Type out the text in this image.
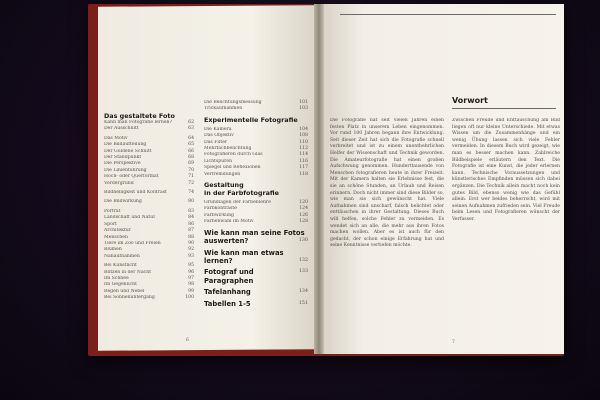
Das gestaltete Foto
Kann man Fotografie lernen?	62
Der Ausschnitt	63
Das Motiv	64
Die Bildaufteilung	65
Der Goldene Schnitt	66
Der Standpunkt	68
Die Perspektive	69
Die Linienführung	70
Hoch- oder Querformat	71
Vordergrund	72
Bildhelligkeit und Kontrast	74
Die Bildwirkung	80
Porträt	83
Landschaft und Natur	84
Sport	86
Architektur	87
Menschen	88
Tiere im Zoo und Freien	90
Blumen	92
Nahaufnahmen	93
Bei Kunstlicht	95
Blitzen in der Nacht	96
Im Schnee	97
Im Gegenlicht	98
Regen und Nebel	99
Bei Sonnenuntergang	100
Die Belichtungsmessung	101
Trickaufnahmen	103
Experimentelle Fotografie
Die Kamera	104
Das Objektiv	108
Das Filter	110
Mehrfachbelichtung	112
Fotografieren durch Glas	114
Lichtspuren	116
Spiegel und Reflexionen	117
Verfremdungen	118
Gestaltung
in der Farbfotografie
Grundlagen der Farbenlehre	120
Farbkontraste	124
Farbwirkung	126
Farbenwahl im Motiv	128
Wie kann man seine Fotos
auswerten?	130
Wie kann man etwas
lernen?	132
Fotograf und Paragraphen
133
Tafelanhang	134
Tabellen 1-5	151
6
Vorwort
Die Fotografie hat seit vielen Jahren einen festen Platz in unserem Leben eingenommen. Vor rund 100 Jahren begann ihre Entwicklung. Seit dieser Zeit hat sich die Fotografie schnell verbreitet und ist zu einem unentbehrlichen Helfer der Wissenschaft und Technik geworden. Die Amateurfotografie hat einen großen Aufschwung genommen. Hunderttausende von Menschen fotografieren heute in ihrer Freizeit. Mit der Kamera halten sie Erlebnisse fest, die sie an schöne Stunden, an Urlaub und Reisen erinnern. Doch nicht immer sind diese Bilder so, wie man sie sich gewünscht hat. Viele Aufnahmen sind unscharf, falsch belichtet oder enttäuschen in ihrer Gestaltung. Dieses Buch will helfen, solche Fehler zu vermeiden. Es wendet sich an alle, die mehr aus ihren Fotos machen wollen. Aber es ist auch für den gedacht, der schon einige Erfahrung hat und seine Kenntnisse vertiefen möchte.
Zwischen Freude und Enttäuschung am Bild liegen oft nur kleine Unterschiede. Mit etwas Wissen um die Zusammenhänge und ein wenig Übung lassen sich viele Fehler vermeiden. In diesem Buch wird gezeigt, wie man es besser machen kann. Zahlreiche Bildbeispiele erläutern den Text. Die Fotografie ist eine Kunst, die jeder erlernen kann. Technische Voraussetzungen und künstlerisches Empfinden müssen sich dabei ergänzen. Die Technik allein macht noch kein gutes Bild, ebenso wenig wie das Gefühl allein. Erst wer beides beherrscht, wird mit seinen Aufnahmen zufrieden sein. Viel Freude beim Lesen und Fotografieren wünscht der Verfasser.
7
